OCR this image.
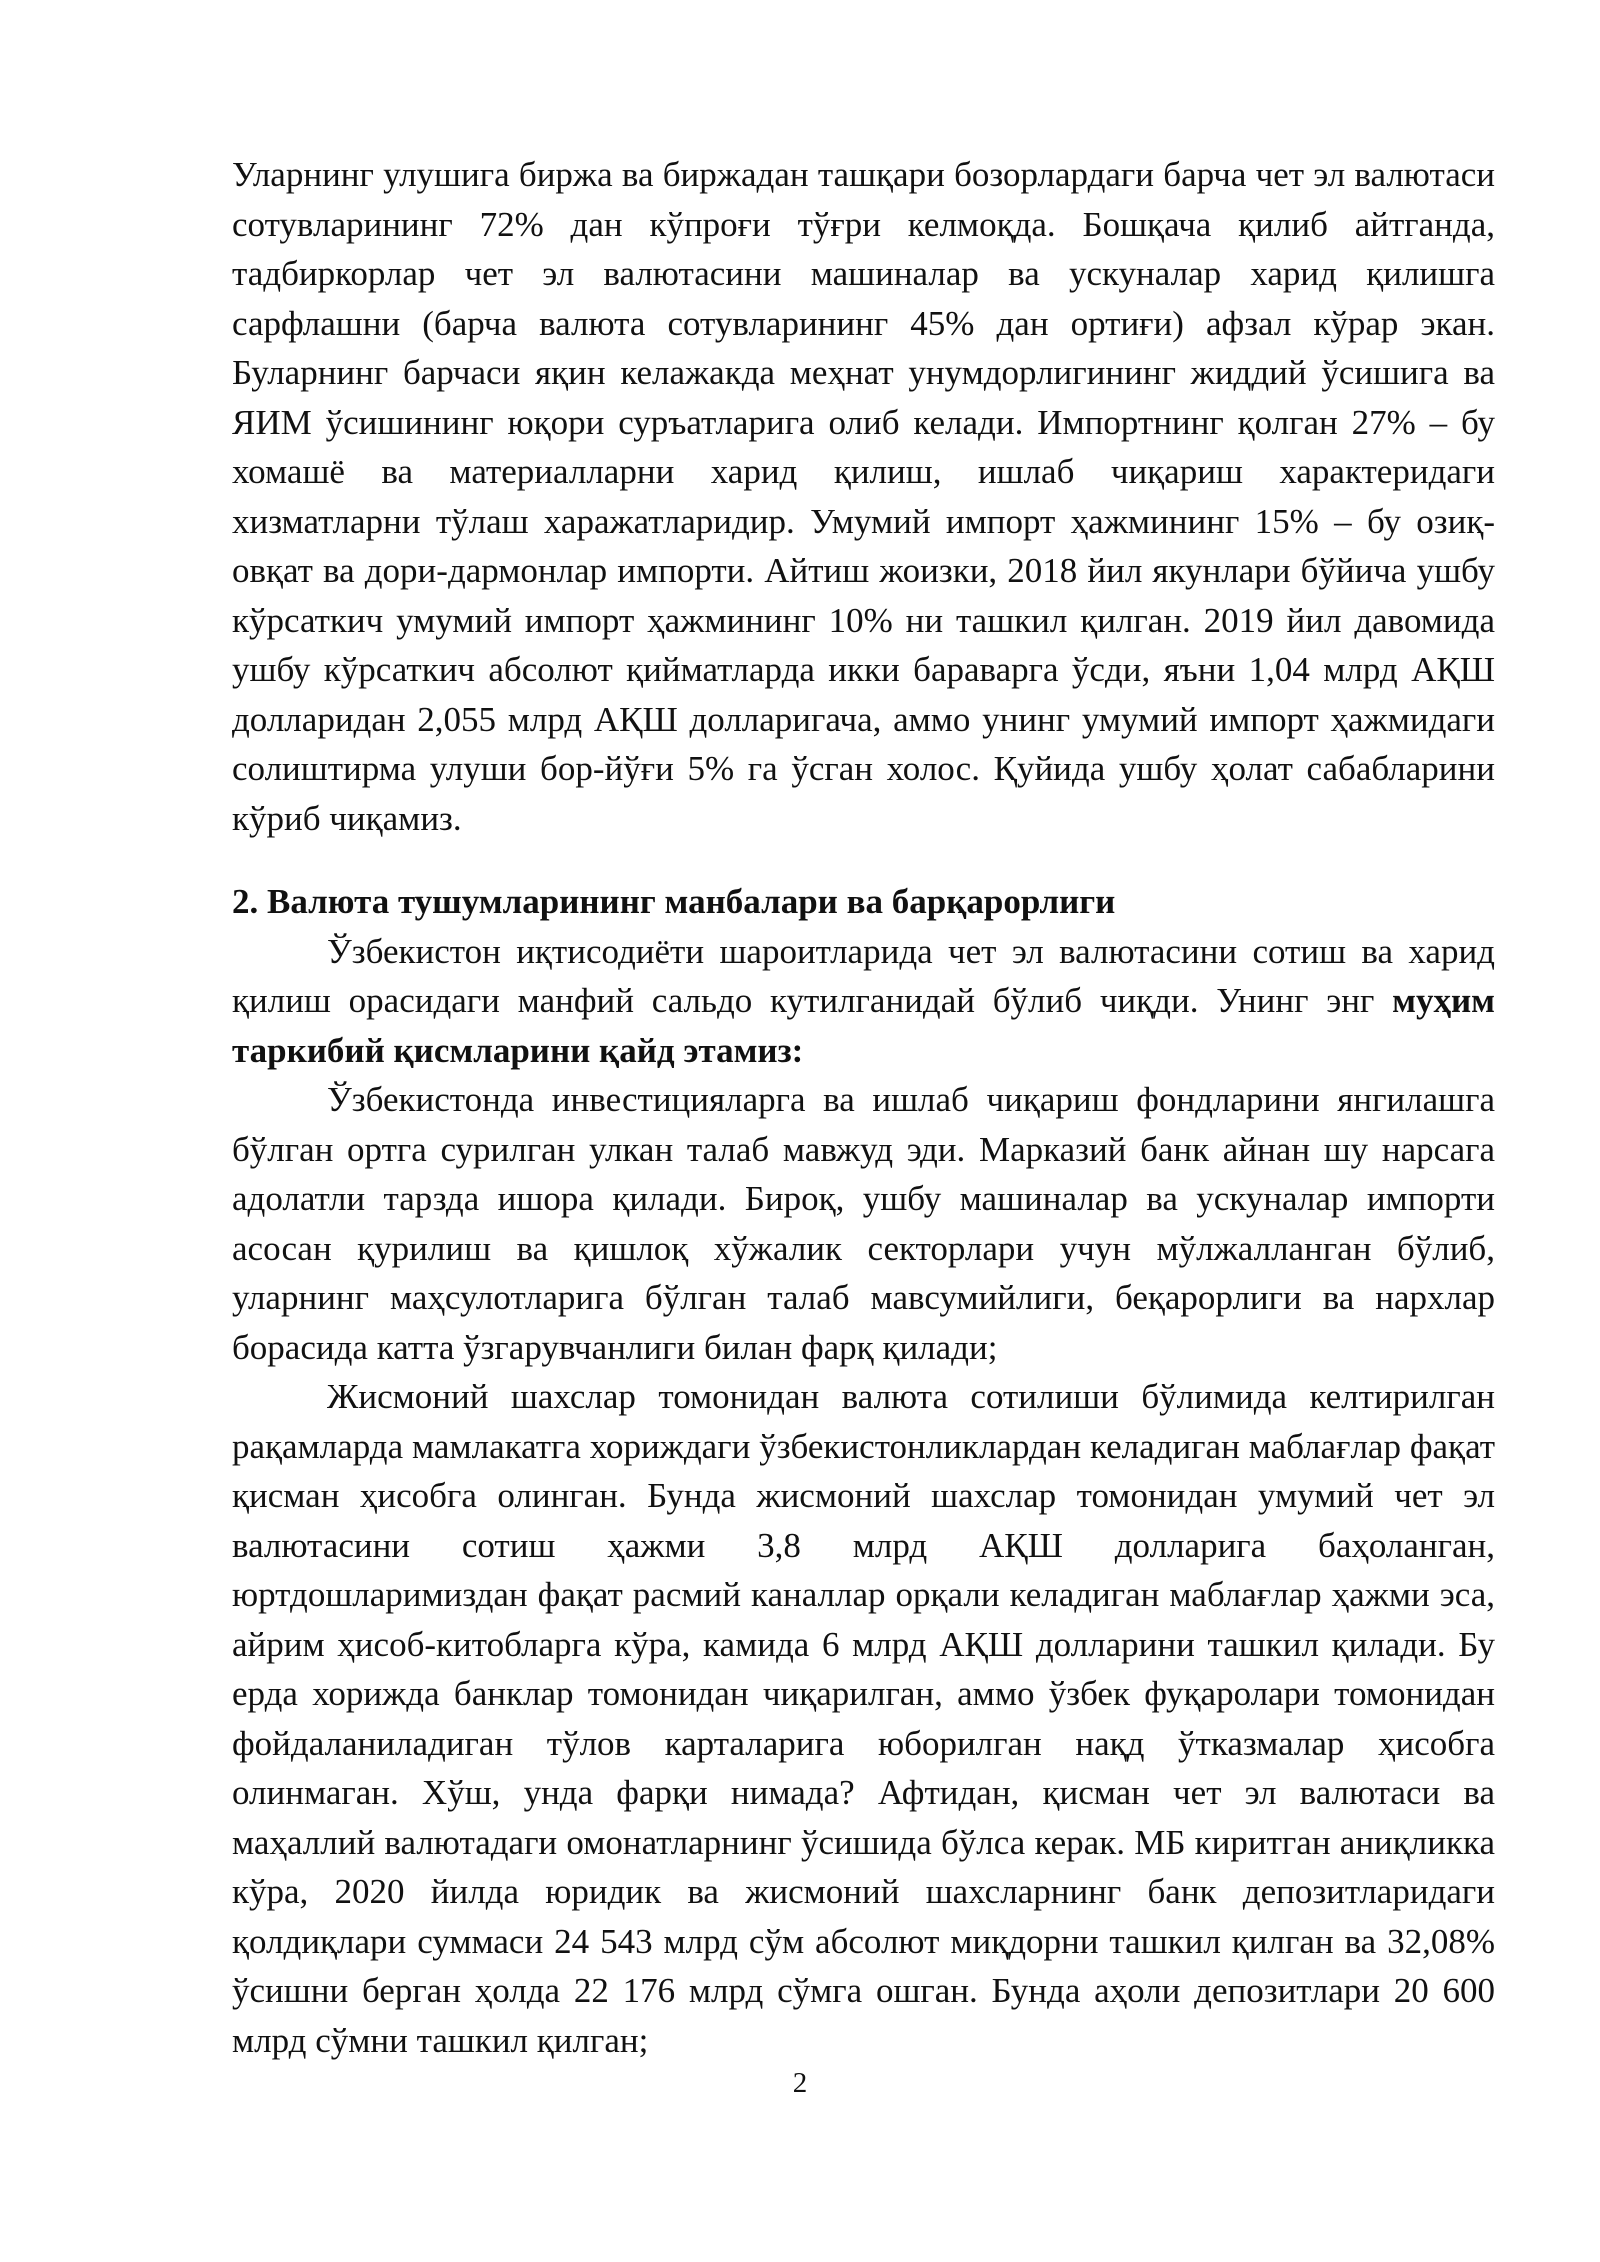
Уларнинг улушига биржа ва биржадан ташқари бозорлардаги барча чет эл валютаси сотувларининг 72% дан кўпроғи тўғри келмоқда. Бошқача қилиб айтганда, тадбиркорлар чет эл валютасини машиналар ва ускуналар харид қилишга сарфлашни (барча валюта сотувларининг 45% дан ортиғи) афзал кўрар экан. Буларнинг барчаси яқин келажакда меҳнат унумдорлигининг жиддий ўсишига ва ЯИМ ўсишининг юқори суръатларига олиб келади. Импортнинг қолган 27% – бу хомашё ва материалларни харид қилиш, ишлаб чиқариш характеридаги хизматларни тўлаш харажатларидир. Умумий импорт ҳажмининг 15% – бу озиқ-овқат ва дори-дармонлар импорти. Айтиш жоизки, 2018 йил якунлари бўйича ушбу кўрсаткич умумий импорт ҳажмининг 10% ни ташкил қилган. 2019 йил давомида ушбу кўрсаткич абсолют қийматларда икки бараварга ўсди, яъни 1,04 млрд АҚШ долларидан 2,055 млрд АҚШ долларигача, аммо унинг умумий импорт ҳажмидаги солиштирма улуши бор-йўғи 5% га ўсган холос. Қуйида ушбу ҳолат сабабларини кўриб чиқамиз.

2. Валюта тушумларининг манбалари ва барқарорлиги

Ўзбекистон иқтисодиёти шароитларида чет эл валютасини сотиш ва харид қилиш орасидаги манфий сальдо кутилганидай бўлиб чиқди. Унинг энг муҳим таркибий қисмларини қайд этамиз:

Ўзбекистонда инвестицияларга ва ишлаб чиқариш фондларини янгилашга бўлган ортга сурилган улкан талаб мавжуд эди. Марказий банк айнан шу нарсага адолатли тарзда ишора қилади. Бироқ, ушбу машиналар ва ускуналар импорти асосан қурилиш ва қишлоқ хўжалик секторлари учун мўлжалланган бўлиб, уларнинг маҳсулотларига бўлган талаб мавсумийлиги, беқарорлиги ва нархлар борасида катта ўзгарувчанлиги билан фарқ қилади;

Жисмоний шахслар томонидан валюта сотилиши бўлимида келтирилган рақамларда мамлакатга хориждаги ўзбекистонликлардан келадиган маблағлар фақат қисман ҳисобга олинган. Бунда жисмоний шахслар томонидан умумий чет эл валютасини сотиш ҳажми 3,8 млрд АҚШ долларига баҳоланган, юртдошларимиздан фақат расмий каналлар орқали келадиган маблағлар ҳажми эса, айрим ҳисоб-китобларга кўра, камида 6 млрд АҚШ долларини ташкил қилади. Бу ерда хорижда банклар томонидан чиқарилган, аммо ўзбек фуқаролари томонидан фойдаланиладиган тўлов карталарига юборилган нақд ўтказмалар ҳисобга олинмаган. Хўш, унда фарқи нимада? Афтидан, қисман чет эл валютаси ва маҳаллий валютадаги омонатларнинг ўсишида бўлса керак. МБ киритган аниқликка кўра, 2020 йилда юридик ва жисмоний шахсларнинг банк депозитларидаги қолдиқлари суммаси 24 543 млрд сўм абсолют миқдорни ташкил қилган ва 32,08% ўсишни берган ҳолда 22 176 млрд сўмга ошган. Бунда аҳоли депозитлари 20 600 млрд сўмни ташкил қилган;

2
